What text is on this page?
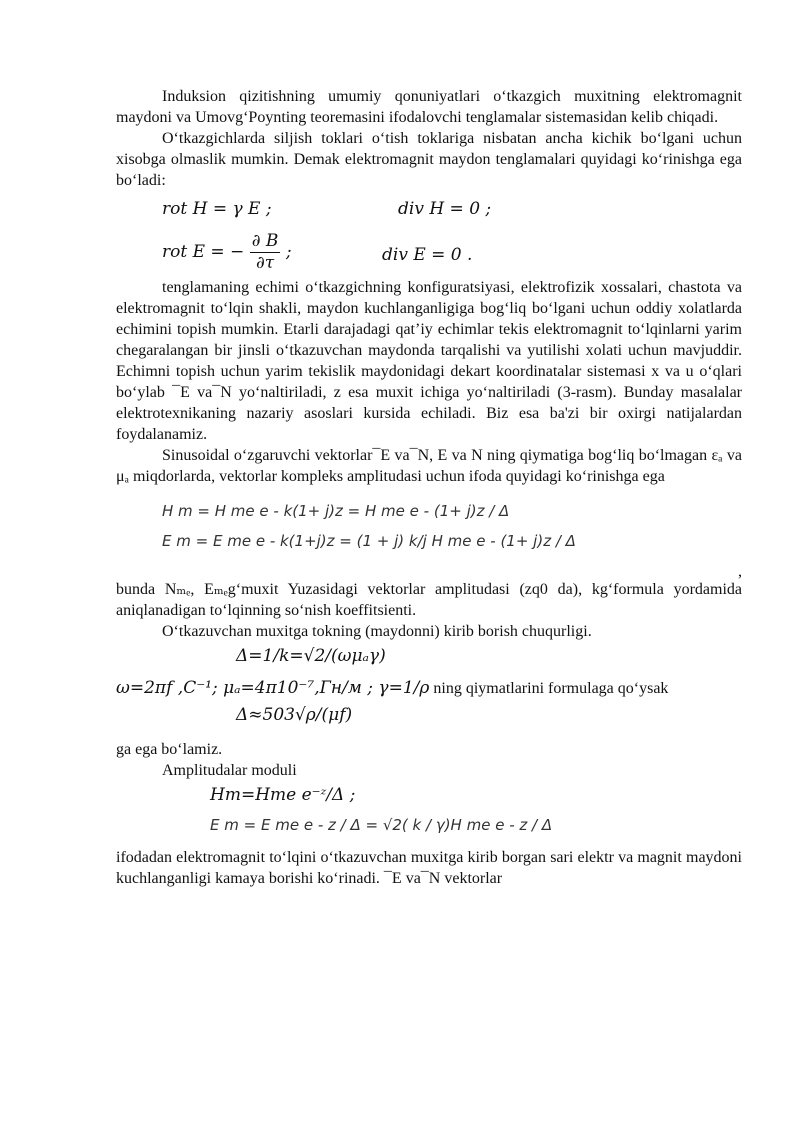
Induksion qizitishning umumiy qonuniyatlari o‘tkazgich muxitning elektromagnit maydoni va Umovg‘Poynting teoremasini ifodalovchi tenglamalar sistemasidan kelib chiqadi.

O‘tkazgichlarda siljish toklari o‘tish toklariga nisbatan ancha kichik bo‘lgani uchun xisobga olmaslik mumkin. Demak elektromagnit maydon tenglamalari quyidagi ko‘rinishga ega bo‘ladi:

rot H = γ E ;	div H = 0 ;
rot E = − $\frac{\partial B}{\partial\tau}$ ;	div E = 0 .

tenglamaning echimi o‘tkazgichning konfiguratsiyasi, elektrofizik xossalari, chastota va elektromagnit to‘lqin shakli, maydon kuchlanganligiga bog‘liq bo‘lgani uchun oddiy xolatlarda echimini topish mumkin. Etarli darajadagi qat’iy echimlar tekis elektromagnit to‘lqinlarni yarim chegaralangan bir jinsli o‘tkazuvchan maydonda tarqalishi va yutilishi xolati uchun mavjuddir. Echimni topish uchun yarim tekislik maydonidagi dekart koordinatalar sistemasi x va u o‘qlari bo‘ylab ¯E va¯N yo‘naltiriladi, z esa muxit ichiga yo‘naltiriladi (3-rasm). Bunday masalalar elektrotexnikaning nazariy asoslari kursida echiladi. Biz esa ba'zi bir oxirgi natijalardan foydalanamiz.

Sinusoidal o‘zgaruvchi vektorlar¯E va¯N, E va N ning qiymatiga bog‘liq bo‘lmagan εₐ va μₐ miqdorlarda, vektorlar kompleks amplitudasi uchun ifoda quyidagi ko‘rinishga ega

H m = H me e - k(1+ j)z = H me e - (1+ j)z / Δ
E m = E me e - k(1+j)z = (1 + j) k/j H me e - (1+ j)z / Δ
,

bunda Nₘₑ, Eₘₑg‘muxit Yuzasidagi vektorlar amplitudasi (zq0 da), kg‘formula yordamida aniqlanadigan to‘lqinning so‘nish koeffitsienti.

O‘tkazuvchan muxitga tokning (maydonni) kirib borish chuqurligi.

Δ=1/k=√2/(ωμₐγ)

ω=2πf ,C⁻¹; μₐ=4π10⁻⁷,Гн/м ; γ=1/ρ ning qiymatlarini formulaga qo‘ysak

Δ≈503√ρ/(μf)

ga ega bo‘lamiz.

Amplitudalar moduli

Hm=Hme e⁻ᶻ/Δ ;
E m = E me e - z / Δ = √2( k / γ)H me e - z / Δ

ifodadan elektromagnit to‘lqini o‘tkazuvchan muxitga kirib borgan sari elektr va magnit maydoni kuchlanganligi kamaya borishi ko‘rinadi. ¯E va¯N vektorlar
